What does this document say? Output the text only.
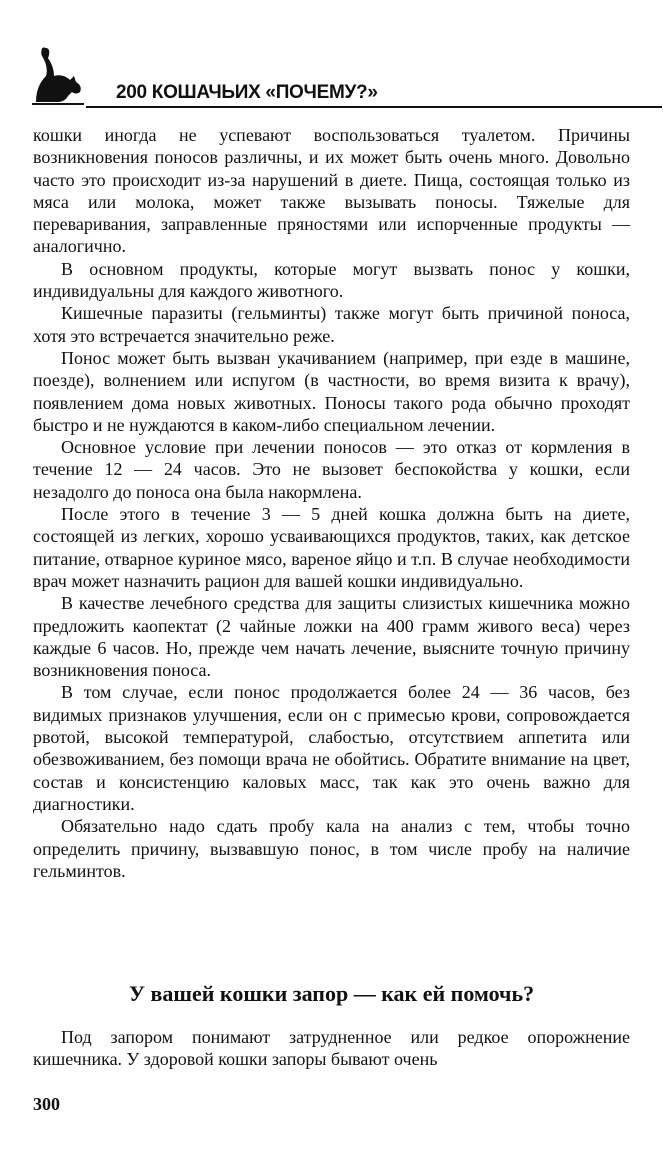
200 КОШАЧЬИХ «ПОЧЕМУ?»

кошки иногда не успевают воспользоваться туалетом. Причины возникновения поносов различны, и их может быть очень много. Довольно часто это происходит из-за нарушений в диете. Пища, состоящая только из мяса или молока, может также вызывать поносы. Тяжелые для переваривания, заправленные пряностями или испорченные продукты — аналогично.

В основном продукты, которые могут вызвать понос у кошки, индивидуальны для каждого животного.

Кишечные паразиты (гельминты) также могут быть причиной поноса, хотя это встречается значительно реже.

Понос может быть вызван укачиванием (например, при езде в машине, поезде), волнением или испугом (в частности, во время визита к врачу), появлением дома новых животных. Поносы такого рода обычно проходят быстро и не нуждаются в каком-либо специальном лечении.

Основное условие при лечении поносов — это отказ от кормления в течение 12 — 24 часов. Это не вызовет беспокойства у кошки, если незадолго до поноса она была накормлена.

После этого в течение 3 — 5 дней кошка должна быть на диете, состоящей из легких, хорошо усваивающихся продуктов, таких, как детское питание, отварное куриное мясо, вареное яйцо и т.п. В случае необходимости врач может назначить рацион для вашей кошки индивидуально.

В качестве лечебного средства для защиты слизистых кишечника можно предложить каопектат (2 чайные ложки на 400 грамм живого веса) через каждые 6 часов. Но, прежде чем начать лечение, выясните точную причину возникновения поноса.

В том случае, если понос продолжается более 24 — 36 часов, без видимых признаков улучшения, если он с примесью крови, сопровождается рвотой, высокой температурой, слабостью, отсутствием аппетита или обезвоживанием, без помощи врача не обойтись. Обратите внимание на цвет, состав и консистенцию каловых масс, так как это очень важно для диагностики.

Обязательно надо сдать пробу кала на анализ с тем, чтобы точно определить причину, вызвавшую понос, в том числе пробу на наличие гельминтов.

У вашей кошки запор — как ей помочь?

Под запором понимают затрудненное или редкое опорожнение кишечника. У здоровой кошки запоры бывают очень

300
